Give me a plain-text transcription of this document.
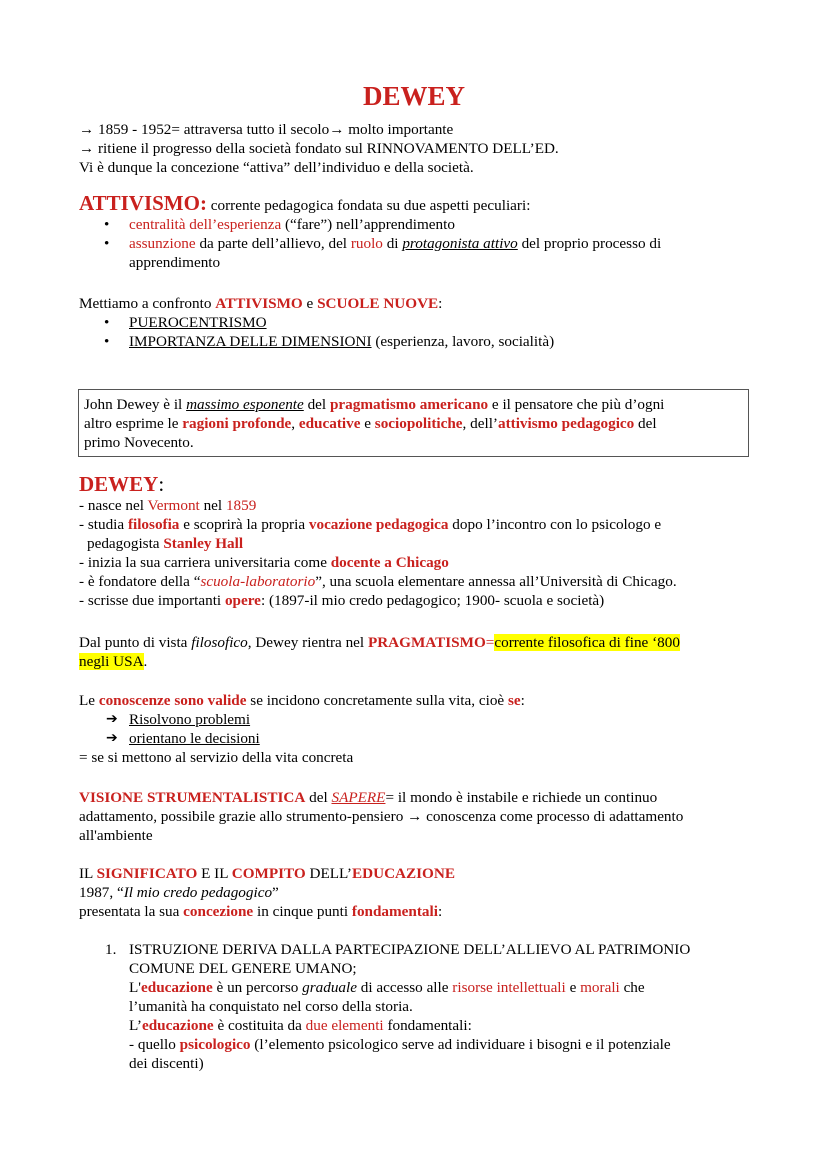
DEWEY
→ 1859 - 1952= attraversa tutto il secolo→ molto importante
→ ritiene il progresso della società fondato sul RINNOVAMENTO DELL’ED.
Vi è dunque la concezione “attiva” dell’individuo e della società.
ATTIVISMO: corrente pedagogica fondata su due aspetti peculiari:
• centralità dell’esperienza (“fare”) nell’apprendimento
• assunzione da parte dell’allievo, del ruolo di protagonista attivo del proprio processo di
apprendimento
Mettiamo a confronto ATTIVISMO e SCUOLE NUOVE:
• PUEROCENTRISMO
• IMPORTANZA DELLE DIMENSIONI (esperienza, lavoro, socialità)
John Dewey è il massimo esponente del pragmatismo americano e il pensatore che più d’ogni
altro esprime le ragioni profonde, educative e sociopolitiche, dell’attivismo pedagogico del
primo Novecento.
DEWEY:
- nasce nel Vermont nel 1859
- studia filosofia e scoprirà la propria vocazione pedagogica dopo l’incontro con lo psicologo e
pedagogista Stanley Hall
- inizia la sua carriera universitaria come docente a Chicago
- è fondatore della “scuola-laboratorio”, una scuola elementare annessa all’Università di Chicago.
- scrisse due importanti opere: (1897-il mio credo pedagogico; 1900- scuola e società)
Dal punto di vista filosofico, Dewey rientra nel PRAGMATISMO=corrente filosofica di fine ‘800
negli USA.
Le conoscenze sono valide se incidono concretamente sulla vita, cioè se:
➔ Risolvono problemi
➔ orientano le decisioni
= se si mettono al servizio della vita concreta
VISIONE STRUMENTALISTICA del SAPERE= il mondo è instabile e richiede un continuo
adattamento, possibile grazie allo strumento-pensiero → conoscenza come processo di adattamento
all'ambiente
IL SIGNIFICATO E IL COMPITO DELL’EDUCAZIONE
1987, “Il mio credo pedagogico”
presentata la sua concezione in cinque punti fondamentali:
1. ISTRUZIONE DERIVA DALLA PARTECIPAZIONE DELL’ALLIEVO AL PATRIMONIO
COMUNE DEL GENERE UMANO;
L'educazione è un percorso graduale di accesso alle risorse intellettuali e morali che
l’umanità ha conquistato nel corso della storia.
L’educazione è costituita da due elementi fondamentali:
- quello psicologico (l’elemento psicologico serve ad individuare i bisogni e il potenziale
dei discenti)
